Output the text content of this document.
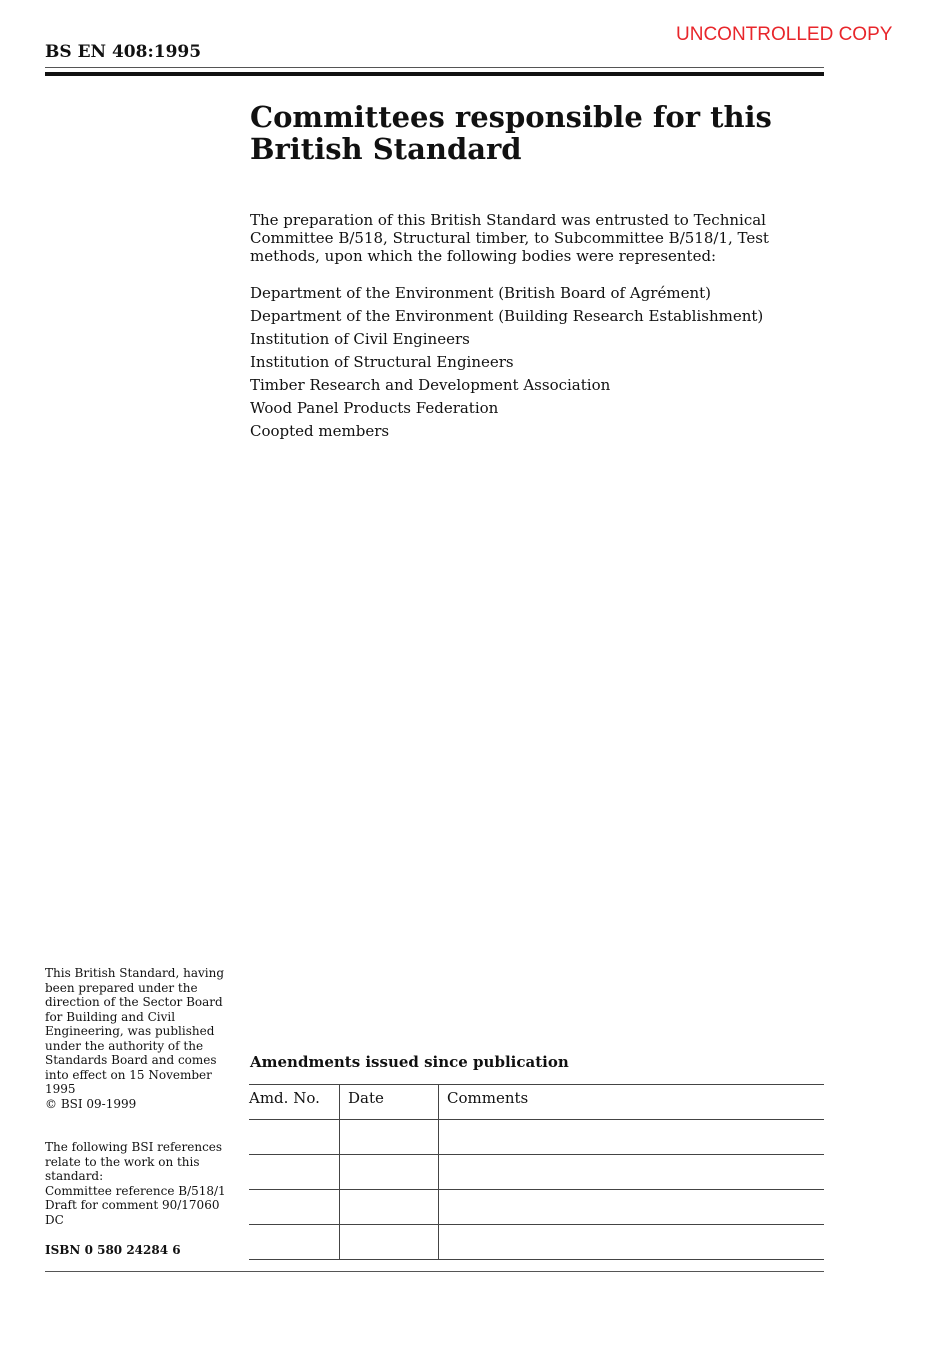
UNCONTROLLED COPY
BS EN 408:1995
Committees responsible for this
British Standard
The preparation of this British Standard was entrusted to Technical Committee B/518, Structural timber, to Subcommittee B/518/1, Test methods, upon which the following bodies were represented:
Department of the Environment (British Board of Agrément)
Department of the Environment (Building Research Establishment)
Institution of Civil Engineers
Institution of Structural Engineers
Timber Research and Development Association
Wood Panel Products Federation
Coopted members
This British Standard, having been prepared under the direction of the Sector Board for Building and Civil Engineering, was published under the authority of the Standards Board and comes into effect on 15 November 1995
© BSI 09-1999
The following BSI references relate to the work on this standard:
Committee reference B/518/1
Draft for comment 90/17060 DC
ISBN 0 580 24284 6
Amendments issued since publication
Amd. No.	Date	Comments
